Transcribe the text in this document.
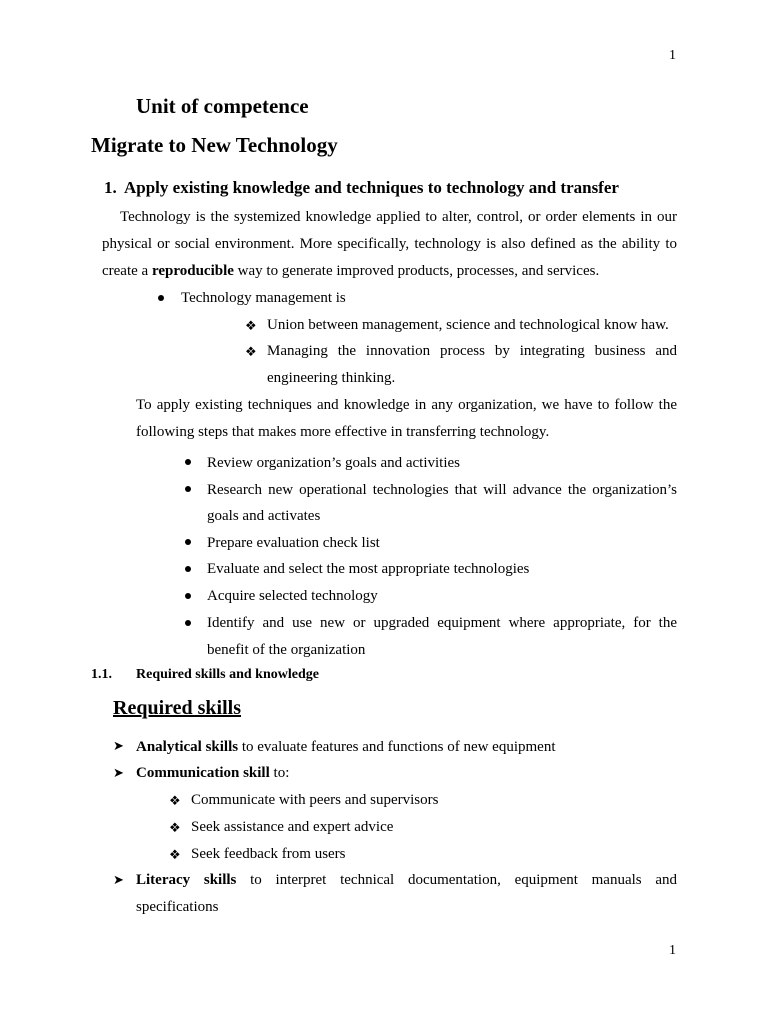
1
1
Unit of competence
Migrate to New Technology
1. Apply existing knowledge and techniques to technology and transfer
Technology is the systemized knowledge applied to alter, control, or order elements in our
physical or social environment. More specifically, technology is also defined as the ability to
create a reproducible way to generate improved products, processes, and services.
Technology management is
❖ Union between management, science and technological know haw.
❖ Managing the innovation process by integrating business and
engineering thinking.
To apply existing techniques and knowledge in any organization, we have to follow the
following steps that makes more effective in transferring technology.
Review organization’s goals and activities
Research new operational technologies that will advance the organization’s
goals and activates
Prepare evaluation check list
Evaluate and select the most appropriate technologies
Acquire selected technology
Identify and use new or upgraded equipment where appropriate, for the
benefit of the organization
1.1. Required skills and knowledge
Required skills
➤ Analytical skills to evaluate features and functions of new equipment
➤ Communication skill to:
❖ Communicate with peers and supervisors
❖ Seek assistance and expert advice
❖ Seek feedback from users
➤ Literacy skills to interpret technical documentation, equipment manuals and
specifications
